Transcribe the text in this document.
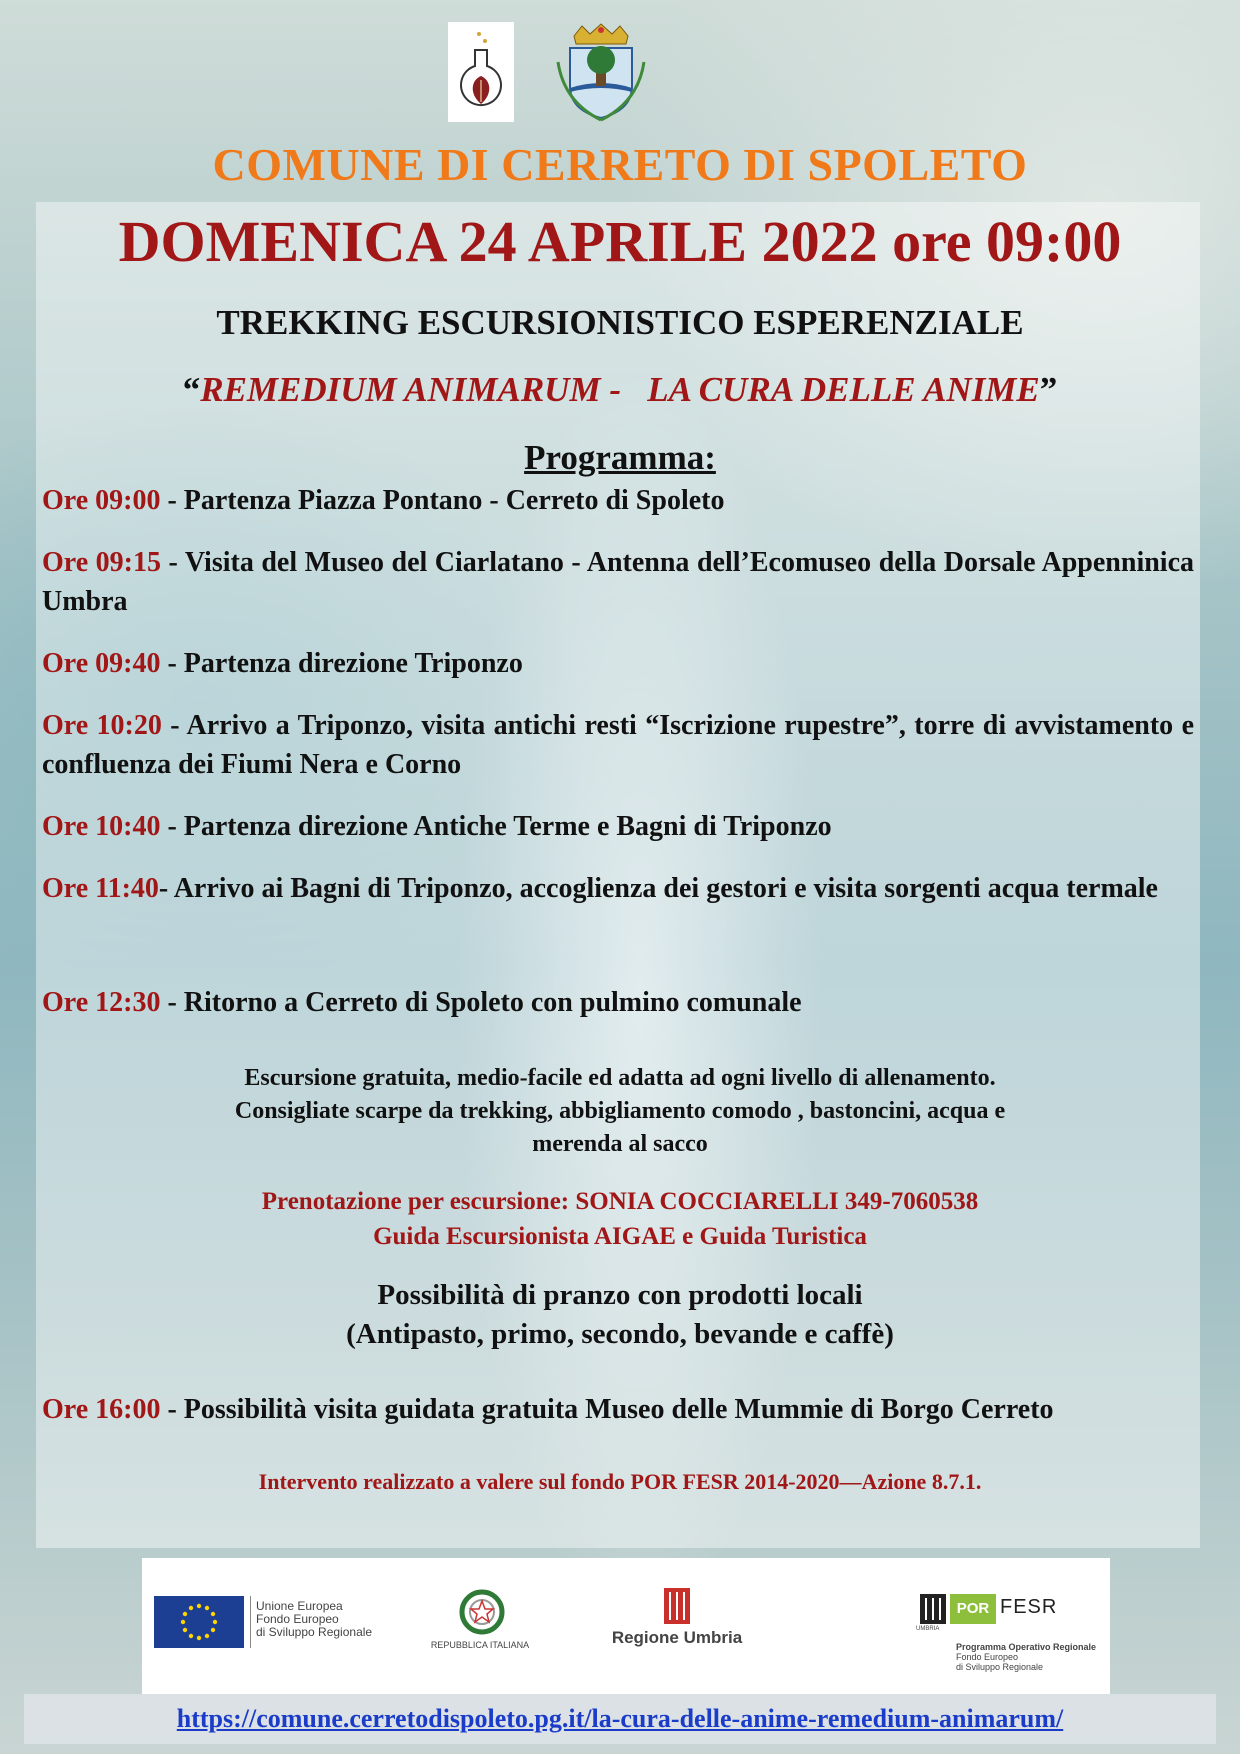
COMUNE DI CERRETO DI SPOLETO
DOMENICA 24 APRILE 2022 ore 09:00
TREKKING ESCURSIONISTICO ESPERENZIALE
“REMEDIUM ANIMARUM -   LA CURA DELLE ANIME”
Programma:
Ore 09:00 - Partenza Piazza Pontano - Cerreto di Spoleto
Ore 09:15 - Visita del Museo del Ciarlatano - Antenna dell’Ecomuseo della Dorsale Appenninica Umbra
Ore 09:40 - Partenza direzione Triponzo
Ore 10:20 - Arrivo a Triponzo, visita antichi resti “Iscrizione rupestre”, torre di avvistamento e confluenza dei Fiumi Nera e Corno
Ore 10:40 - Partenza direzione Antiche Terme e Bagni di Triponzo
Ore 11:40- Arrivo ai Bagni di Triponzo, accoglienza dei gestori e visita sorgenti acqua termale
Ore 12:30 - Ritorno a Cerreto di Spoleto con pulmino comunale
Escursione gratuita, medio-facile ed adatta ad ogni livello di allenamento.
Consigliate scarpe da trekking, abbigliamento comodo , bastoncini, acqua e
merenda al sacco
Prenotazione per escursione: SONIA COCCIARELLI 349-7060538
Guida Escursionista AIGAE e Guida Turistica
Possibilità di pranzo con prodotti locali
(Antipasto, primo, secondo, bevande e caffè)
Ore 16:00 - Possibilità visita guidata gratuita Museo delle Mummie di Borgo Cerreto
Intervento realizzato a valere sul fondo POR FESR 2014-2020—Azione 8.7.1.
Unione Europea
Fondo Europeo
di Sviluppo Regionale
REPUBBLICA ITALIANA	Regione Umbria	UMBRIA
POR FESR
Programma Operativo Regionale
Fondo Europeo
di Sviluppo Regionale
https://comune.cerretodispoleto.pg.it/la-cura-delle-anime-remedium-animarum/
